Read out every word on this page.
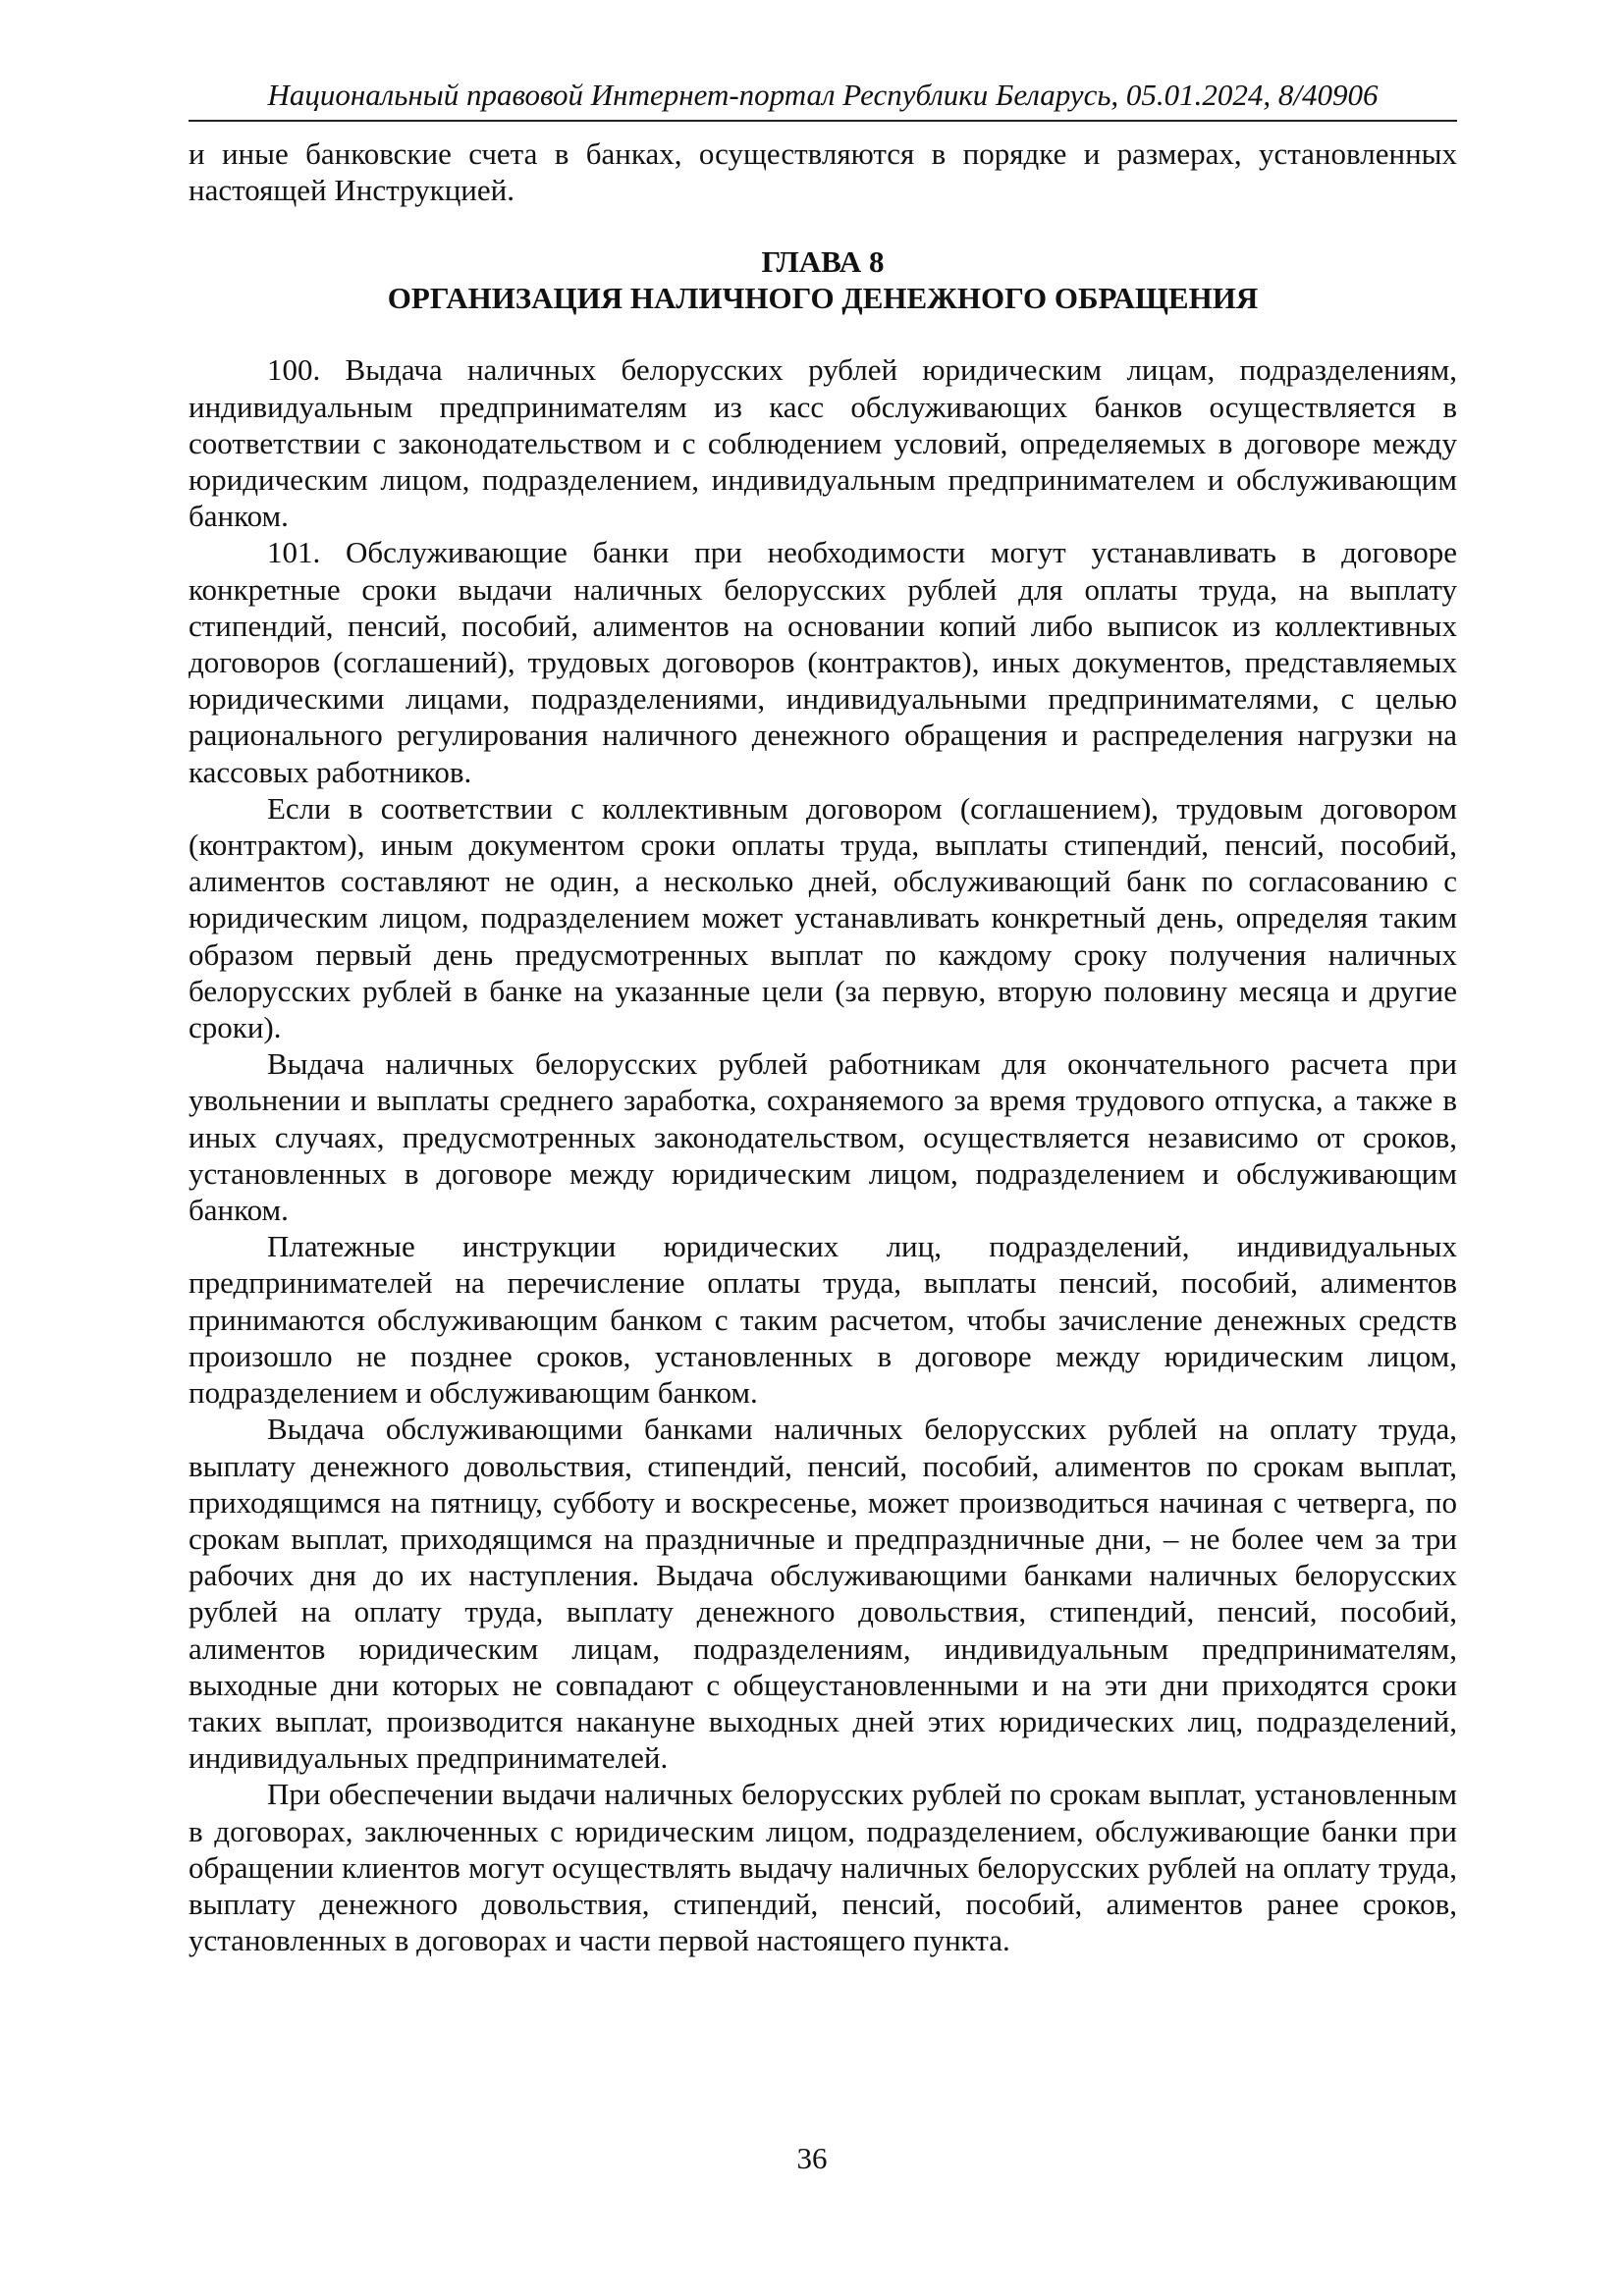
Национальный правовой Интернет-портал Республики Беларусь, 05.01.2024, 8/40906

и иные банковские счета в банках, осуществляются в порядке и размерах, установленных настоящей Инструкцией.

ГЛАВА 8
ОРГАНИЗАЦИЯ НАЛИЧНОГО ДЕНЕЖНОГО ОБРАЩЕНИЯ

100. Выдача наличных белорусских рублей юридическим лицам, подразделениям, индивидуальным предпринимателям из касс обслуживающих банков осуществляется в соответствии с законодательством и с соблюдением условий, определяемых в договоре между юридическим лицом, подразделением, индивидуальным предпринимателем и обслуживающим банком.

101. Обслуживающие банки при необходимости могут устанавливать в договоре конкретные сроки выдачи наличных белорусских рублей для оплаты труда, на выплату стипендий, пенсий, пособий, алиментов на основании копий либо выписок из коллективных договоров (соглашений), трудовых договоров (контрактов), иных документов, представляемых юридическими лицами, подразделениями, индивидуальными предпринимателями, с целью рационального регулирования наличного денежного обращения и распределения нагрузки на кассовых работников.

Если в соответствии с коллективным договором (соглашением), трудовым договором (контрактом), иным документом сроки оплаты труда, выплаты стипендий, пенсий, пособий, алиментов составляют не один, а несколько дней, обслуживающий банк по согласованию с юридическим лицом, подразделением может устанавливать конкретный день, определяя таким образом первый день предусмотренных выплат по каждому сроку получения наличных белорусских рублей в банке на указанные цели (за первую, вторую половину месяца и другие сроки).

Выдача наличных белорусских рублей работникам для окончательного расчета при увольнении и выплаты среднего заработка, сохраняемого за время трудового отпуска, а также в иных случаях, предусмотренных законодательством, осуществляется независимо от сроков, установленных в договоре между юридическим лицом, подразделением и обслуживающим банком.

Платежные инструкции юридических лиц, подразделений, индивидуальных предпринимателей на перечисление оплаты труда, выплаты пенсий, пособий, алиментов принимаются обслуживающим банком с таким расчетом, чтобы зачисление денежных средств произошло не позднее сроков, установленных в договоре между юридическим лицом, подразделением и обслуживающим банком.

Выдача обслуживающими банками наличных белорусских рублей на оплату труда, выплату денежного довольствия, стипендий, пенсий, пособий, алиментов по срокам выплат, приходящимся на пятницу, субботу и воскресенье, может производиться начиная с четверга, по срокам выплат, приходящимся на праздничные и предпраздничные дни, – не более чем за три рабочих дня до их наступления. Выдача обслуживающими банками наличных белорусских рублей на оплату труда, выплату денежного довольствия, стипендий, пенсий, пособий, алиментов юридическим лицам, подразделениям, индивидуальным предпринимателям, выходные дни которых не совпадают с общеустановленными и на эти дни приходятся сроки таких выплат, производится накануне выходных дней этих юридических лиц, подразделений, индивидуальных предпринимателей.

При обеспечении выдачи наличных белорусских рублей по срокам выплат, установленным в договорах, заключенных с юридическим лицом, подразделением, обслуживающие банки при обращении клиентов могут осуществлять выдачу наличных белорусских рублей на оплату труда, выплату денежного довольствия, стипендий, пенсий, пособий, алиментов ранее сроков, установленных в договорах и части первой настоящего пункта.

36
